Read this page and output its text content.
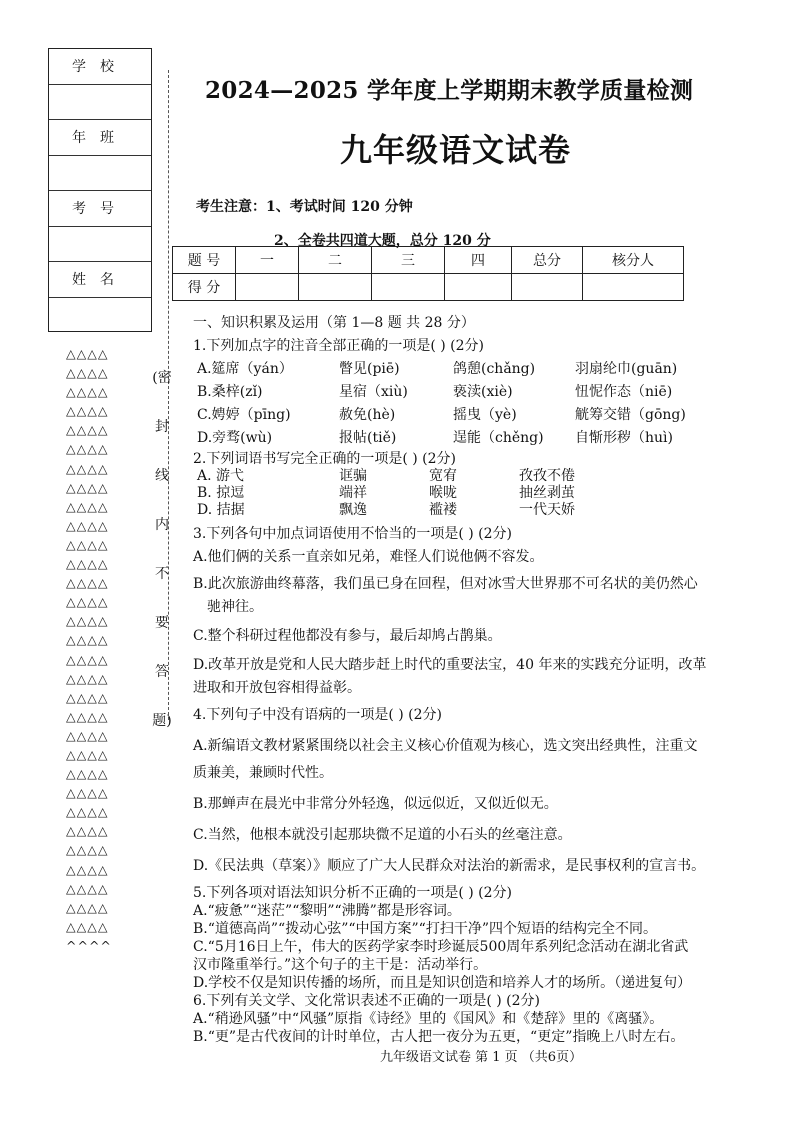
学校
年班
考号
姓名
△△△△
△△△△
△△△△
△△△△
△△△△
△△△△
△△△△
△△△△
△△△△
△△△△
△△△△
△△△△
△△△△
△△△△
△△△△
△△△△
△△△△
△△△△
△△△△
△△△△
△△△△
△△△△
△△△△
△△△△
△△△△
△△△△
△△△△
△△△△
△△△△
△△△△
△△△△
^^^^
(密
封
线
内
不
要
答
题)
2024—2025 学年度上学期期末教学质量检测
九年级语文试卷
考生注意：1、考试时间 120 分钟
2、全卷共四道大题，总分 120 分
题 号	一	二	三	四	总分	核分人
得 分						

一、知识积累及运用（第 1—8 题 共 28 分）

1.下列加点字的注音全部正确的一项是( ) (2分)

A.筵席（yán）	瞥见(piē)	鸽憩(chǎng)	羽扇纶巾(guān)
B.桑梓(zǐ)	星宿（xiù)	亵渎(xiè)	忸怩作态（niē)
C.娉婷（pīng)	赦免(hè)	摇曳（yè)	觥筹交错（gōng)
D.旁骛(wù)	报帖(tiě)	逞能（chěng)	自惭形秽（huì)

2.下列词语书写完全正确的一项是( ) (2分)

A. 游弋	诓骗	宽宥	孜孜不倦
B. 掠逗	端祥	喉咙	抽丝剥茧
D. 拮据	飘逸	褴褛	一代天娇

3.下列各句中加点词语使用不恰当的一项是( ) (2分)

A.他们俩的关系一直亲如兄弟，难怪人们说他俩不容发。

B.此次旅游曲终幕落，我们虽已身在回程，但对冰雪大世界那不可名状的美仍然心

驰神往。

C.整个科研过程他都没有参与，最后却鸠占鹊巢。

D.改革开放是党和人民大踏步赶上时代的重要法宝，40 年来的实践充分证明，改革

进取和开放包容相得益彰。

4.下列句子中没有语病的一项是( ) (2分)

A.新编语文教材紧紧围绕以社会主义核心价值观为核心，选文突出经典性，注重文

质兼美，兼顾时代性。

B.那蝉声在晨光中非常分外轻逸，似远似近，又似近似无。

C.当然，他根本就没引起那块微不足道的小石头的丝毫注意。

D.《民法典（草案）》顺应了广大人民群众对法治的新需求，是民事权利的宣言书。

5.下列各项对语法知识分析不正确的一项是( ) (2分)

A.“疲惫”“迷茫”“黎明”“沸腾”都是形容词。

B.“道德高尚”“拨动心弦”“中国方案”“打扫干净”四个短语的结构完全不同。

C.“5月16日上午，伟大的医药学家李时珍诞辰500周年系列纪念活动在湖北省武

汉市隆重举行。”这个句子的主干是：活动举行。

D.学校不仅是知识传播的场所，而且是知识创造和培养人才的场所。（递进复句）

6.下列有关文学、文化常识表述不正确的一项是( ) (2分)

A.“稍逊风骚”中“风骚”原指《诗经》里的《国风》和《楚辞》里的《离骚》。

B.“更”是古代夜间的计时单位，古人把一夜分为五更，“更定”指晚上八时左右。

九年级语文试卷 第 1 页 （共6页）
